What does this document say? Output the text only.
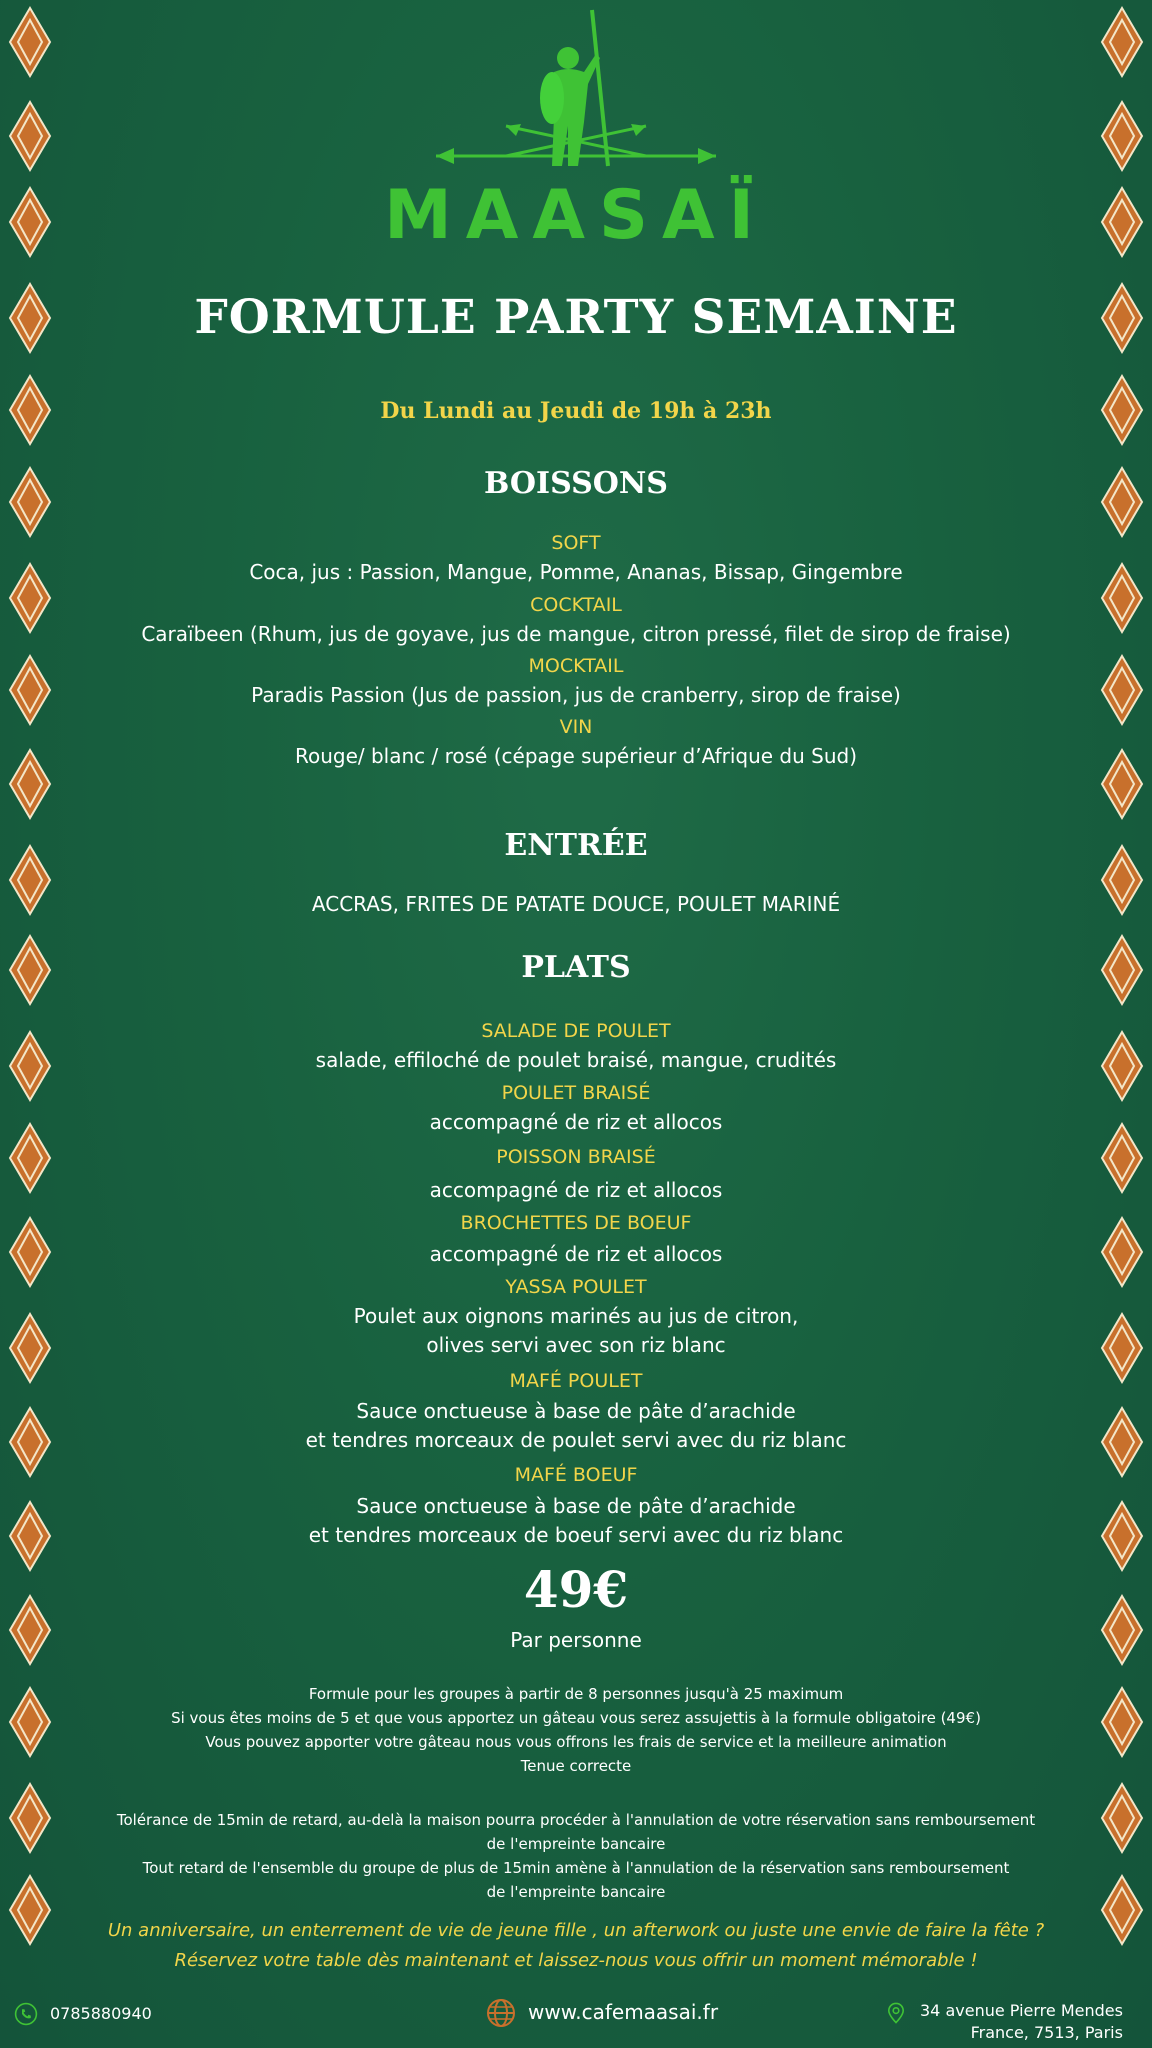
MAASAÏ
FORMULE PARTY SEMAINE
Du Lundi au Jeudi de 19h à 23h
BOISSONS
SOFT
Coca, jus : Passion, Mangue, Pomme, Ananas, Bissap, Gingembre
COCKTAIL
Caraïbeen (Rhum, jus de goyave, jus de mangue, citron pressé, filet de sirop de fraise)
MOCKTAIL
Paradis Passion (Jus de passion, jus de cranberry, sirop de fraise)
VIN
Rouge/ blanc / rosé (cépage supérieur d’Afrique du Sud)
ENTRÉE
ACCRAS, FRITES DE PATATE DOUCE, POULET MARINÉ
PLATS
SALADE DE POULET
salade, effiloché de poulet braisé, mangue, crudités
POULET BRAISÉ
accompagné de riz et allocos
POISSON BRAISÉ
accompagné de riz et allocos
BROCHETTES DE BOEUF
accompagné de riz et allocos
YASSA POULET
Poulet aux oignons marinés au jus de citron,
olives servi avec son riz blanc
MAFÉ POULET
Sauce onctueuse à base de pâte d’arachide
et tendres morceaux de poulet servi avec du riz blanc
MAFÉ BOEUF
Sauce onctueuse à base de pâte d’arachide
et tendres morceaux de boeuf servi avec du riz blanc
49€
Par personne
Formule pour les groupes à partir de 8 personnes jusqu'à 25 maximum
Si vous êtes moins de 5 et que vous apportez un gâteau vous serez assujettis à la formule obligatoire (49€)
Vous pouvez apporter votre gâteau nous vous offrons les frais de service et la meilleure animation
Tenue correcte
Tolérance de 15min de retard, au-delà la maison pourra procéder à l'annulation de votre réservation sans remboursement
de l'empreinte bancaire
Tout retard de l'ensemble du groupe de plus de 15min amène à l'annulation de la réservation sans remboursement
de l'empreinte bancaire
Un anniversaire, un enterrement de vie de jeune fille , un afterwork ou juste une envie de faire la fête ?
Réservez votre table dès maintenant et laissez-nous vous offrir un moment mémorable !
0785880940	www.cafemaasai.fr	34 avenue Pierre Mendes
France, 7513, Paris
